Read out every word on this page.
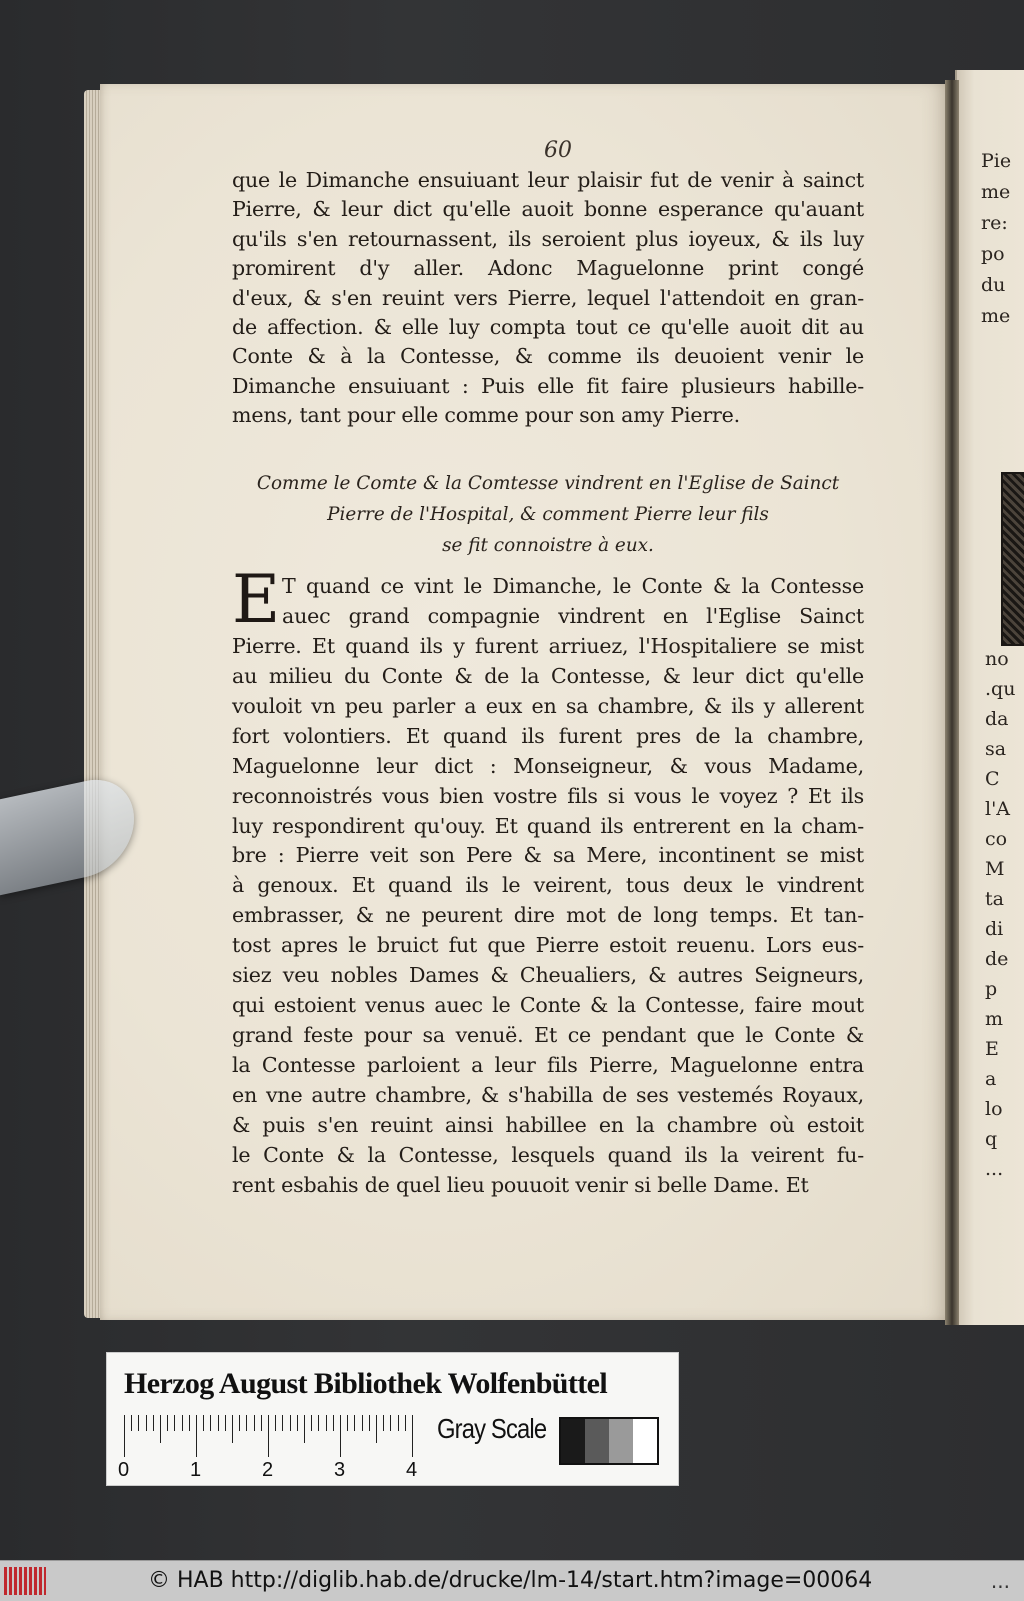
Pie
me
re:
po
du
me
no
.qu
da
sa
C
l'A
co
M
ta
di
de
p
m
E
a
lo
q
...
60
que le Dimanche ensuiuant leur plaisir fut de venir à sainct
Pierre, & leur dict qu'elle auoit bonne esperance qu'auant
qu'ils s'en retournassent, ils seroient plus ioyeux, & ils luy
promirent d'y aller. Adonc Maguelonne print congé
d'eux, & s'en reuint vers Pierre, lequel l'attendoit en gran-
de affection. & elle luy compta tout ce qu'elle auoit dit au
Conte & à la Contesse, & comme ils deuoient venir le
Dimanche ensuiuant : Puis elle fit faire plusieurs habille-
mens, tant pour elle comme pour son amy Pierre.
Comme le Comte & la Comtesse vindrent en l'Eglise de Sainct
Pierre de l'Hospital, & comment Pierre leur fils
se fit connoistre à eux.
E T quand ce vint le Dimanche, le Conte & la Contesse
auec grand compagnie vindrent en l'Eglise Sainct
Pierre. Et quand ils y furent arriuez, l'Hospitaliere se mist
au milieu du Conte & de la Contesse, & leur dict qu'elle
vouloit vn peu parler a eux en sa chambre, & ils y allerent
fort volontiers. Et quand ils furent pres de la chambre,
Maguelonne leur dict : Monseigneur, & vous Madame,
reconnoistrés vous bien vostre fils si vous le voyez ? Et ils
luy respondirent qu'ouy. Et quand ils entrerent en la cham-
bre : Pierre veit son Pere & sa Mere, incontinent se mist
à genoux. Et quand ils le veirent, tous deux le vindrent
embrasser, & ne peurent dire mot de long temps. Et tan-
tost apres le bruict fut que Pierre estoit reuenu. Lors eus-
siez veu nobles Dames & Cheualiers, & autres Seigneurs,
qui estoient venus auec le Conte & la Contesse, faire mout
grand feste pour sa venuë. Et ce pendant que le Conte &
la Contesse parloient a leur fils Pierre, Maguelonne entra
en vne autre chambre, & s'habilla de ses vestemés Royaux,
& puis s'en reuint ainsi habillee en la chambre où estoit
le Conte & la Contesse, lesquels quand ils la veirent fu-
rent esbahis de quel lieu pouuoit venir si belle Dame. Et
Herzog August Bibliothek Wolfenbüttel
0	1	2	3	4
Gray Scale
© HAB http://diglib.hab.de/drucke/lm-14/start.htm?image=00064	...
